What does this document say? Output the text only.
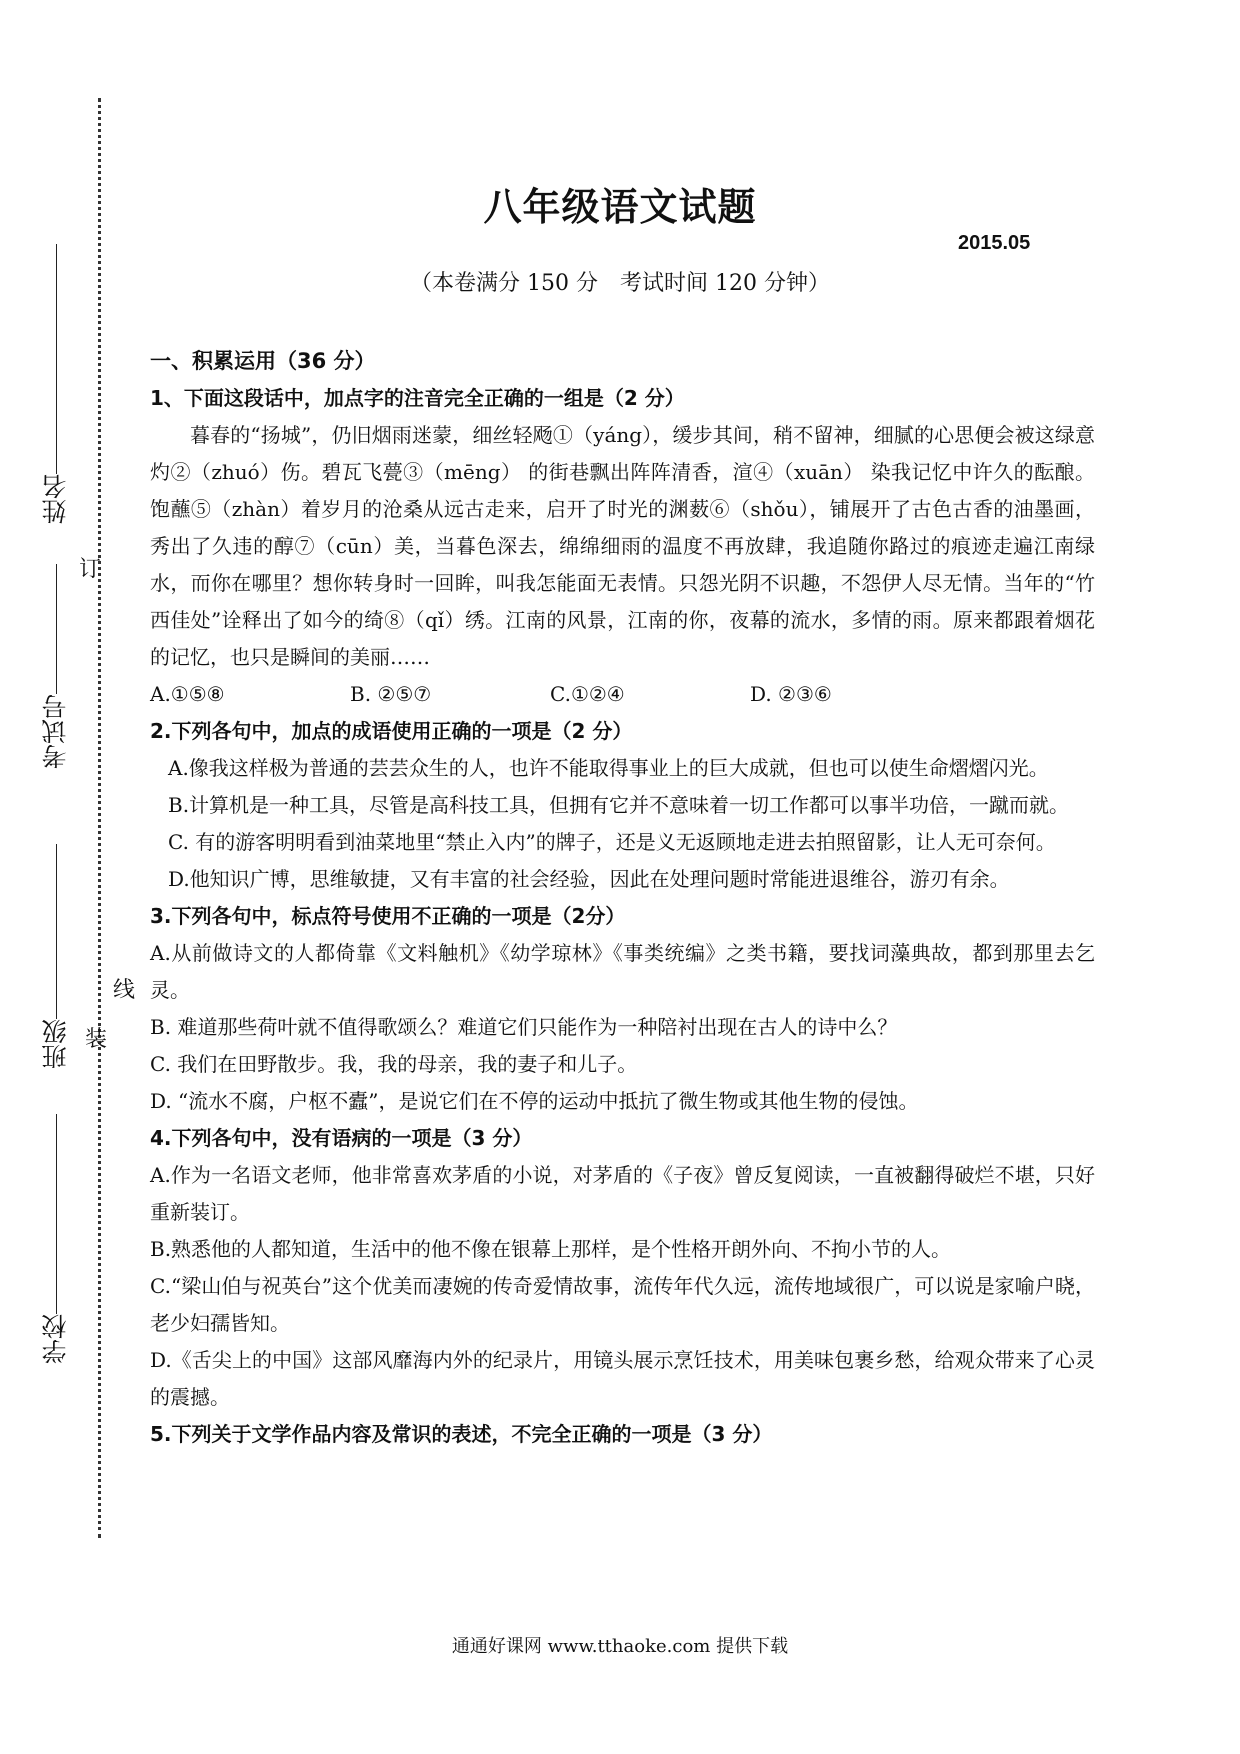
姓名
考试号
班级
学校
订
线
装
八年级语文试题
2015.05
（本卷满分 150 分　考试时间 120 分钟）

一、积累运用（36 分）

1、下面这段话中，加点字的注音完全正确的一组是（2 分）

暮春的“扬城”，仍旧烟雨迷蒙，细丝轻飏①（yáng），缓步其间，稍不留神，细腻的心思便会被这绿意灼②（zhuó）伤。碧瓦飞甍③（mēng） 的街巷飘出阵阵清香，渲④（xuān） 染我记忆中许久的酝酿。饱蘸⑤（zhàn）着岁月的沧桑从远古走来，启开了时光的渊薮⑥（shǒu），铺展开了古色古香的油墨画，秀出了久违的醇⑦（cūn）美，当暮色深去，绵绵细雨的温度不再放肆，我追随你路过的痕迹走遍江南绿水，而你在哪里？想你转身时一回眸，叫我怎能面无表情。只怨光阴不识趣，不怨伊人尽无情。当年的“竹西佳处”诠释出了如今的绮⑧（qǐ）绣。江南的风景，江南的你，夜幕的流水，多情的雨。原来都跟着烟花的记忆，也只是瞬间的美丽……

A.①⑤⑧	B. ②⑤⑦	C.①②④	D. ②③⑥

2.下列各句中，加点的成语使用正确的一项是（2 分）

A.像我这样极为普通的芸芸众生的人，也许不能取得事业上的巨大成就，但也可以使生命熠熠闪光。

B.计算机是一种工具，尽管是高科技工具，但拥有它并不意味着一切工作都可以事半功倍，一蹴而就。

C. 有的游客明明看到油菜地里“禁止入内”的牌子，还是义无返顾地走进去拍照留影，让人无可奈何。

D.他知识广博，思维敏捷，又有丰富的社会经验，因此在处理问题时常能进退维谷，游刃有余。

3.下列各句中，标点符号使用不正确的一项是（2分）

A.从前做诗文的人都倚靠《文料触机》《幼学琼林》《事类统编》之类书籍，要找词藻典故，都到那里去乞灵。

B. 难道那些荷叶就不值得歌颂么？难道它们只能作为一种陪衬出现在古人的诗中么？

C. 我们在田野散步。我，我的母亲，我的妻子和儿子。

D. “流水不腐，户枢不蠹”，是说它们在不停的运动中抵抗了微生物或其他生物的侵蚀。

4.下列各句中，没有语病的一项是（3 分）

A.作为一名语文老师，他非常喜欢茅盾的小说，对茅盾的《子夜》曾反复阅读，一直被翻得破烂不堪，只好重新装订。

B.熟悉他的人都知道，生活中的他不像在银幕上那样，是个性格开朗外向、不拘小节的人。

C.“梁山伯与祝英台”这个优美而凄婉的传奇爱情故事，流传年代久远，流传地域很广，可以说是家喻户晓，老少妇孺皆知。

D.《舌尖上的中国》这部风靡海内外的纪录片，用镜头展示烹饪技术，用美味包裹乡愁，给观众带来了心灵的震撼。

5.下列关于文学作品内容及常识的表述，不完全正确的一项是（3 分）

通通好课网 www.tthaoke.com 提供下载
